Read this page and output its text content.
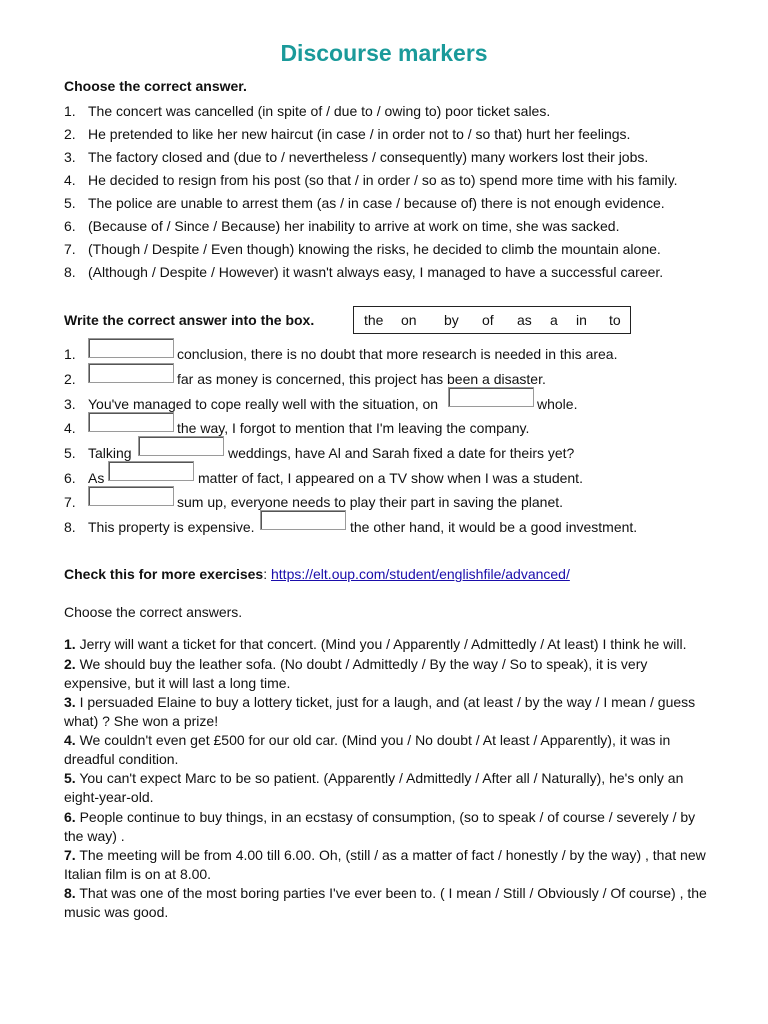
Discourse markers
Choose the correct answer.
1. The concert was cancelled (in spite of / due to / owing to) poor ticket sales.
2. He pretended to like her new haircut (in case / in order not to / so that) hurt her feelings.
3. The factory closed and (due to / nevertheless / consequently) many workers lost their jobs.
4. He decided to resign from his post (so that / in order / so as to) spend more time with his family.
5. The police are unable to arrest them (as / in case / because of) there is not enough evidence.
6. (Because of / Since / Because) her inability to arrive at work on time, she was sacked.
7. (Though / Despite / Even though) knowing the risks, he decided to climb the mountain alone.
8. (Although / Despite / However) it wasn't always easy, I managed to have a successful career.
Write the correct answer into the box.	the on by of as a in to
1.	conclusion, there is no doubt that more research is needed in this area.
2.	far as money is concerned, this project has been a disaster.
3. You've managed to cope really well with the situation, on	whole.
4.	the way, I forgot to mention that I'm leaving the company.
5. Talking	weddings, have Al and Sarah fixed a date for theirs yet?
6. As	matter of fact, I appeared on a TV show when I was a student.
7.	sum up, everyone needs to play their part in saving the planet.
8. This property is expensive.	the other hand, it would be a good investment.
Check this for more exercises: https://elt.oup.com/student/englishfile/advanced/
Choose the correct answers.
1. Jerry will want a ticket for that concert. (Mind you / Apparently / Admittedly / At least) I think he will.
2. We should buy the leather sofa. (No doubt / Admittedly / By the way / So to speak), it is very expensive, but it will last a long time.
3. I persuaded Elaine to buy a lottery ticket, just for a laugh, and (at least / by the way / I mean / guess what) ? She won a prize!
4. We couldn't even get £500 for our old car. (Mind you / No doubt / At least / Apparently), it was in dreadful condition.
5. You can't expect Marc to be so patient. (Apparently / Admittedly / After all / Naturally), he's only an eight-year-old.
6. People continue to buy things, in an ecstasy of consumption, (so to speak / of course / severely / by the way) .
7. The meeting will be from 4.00 till 6.00. Oh, (still / as a matter of fact / honestly / by the way) , that new Italian film is on at 8.00.
8. That was one of the most boring parties I've ever been to. ( I mean / Still / Obviously / Of course) , the music was good.
